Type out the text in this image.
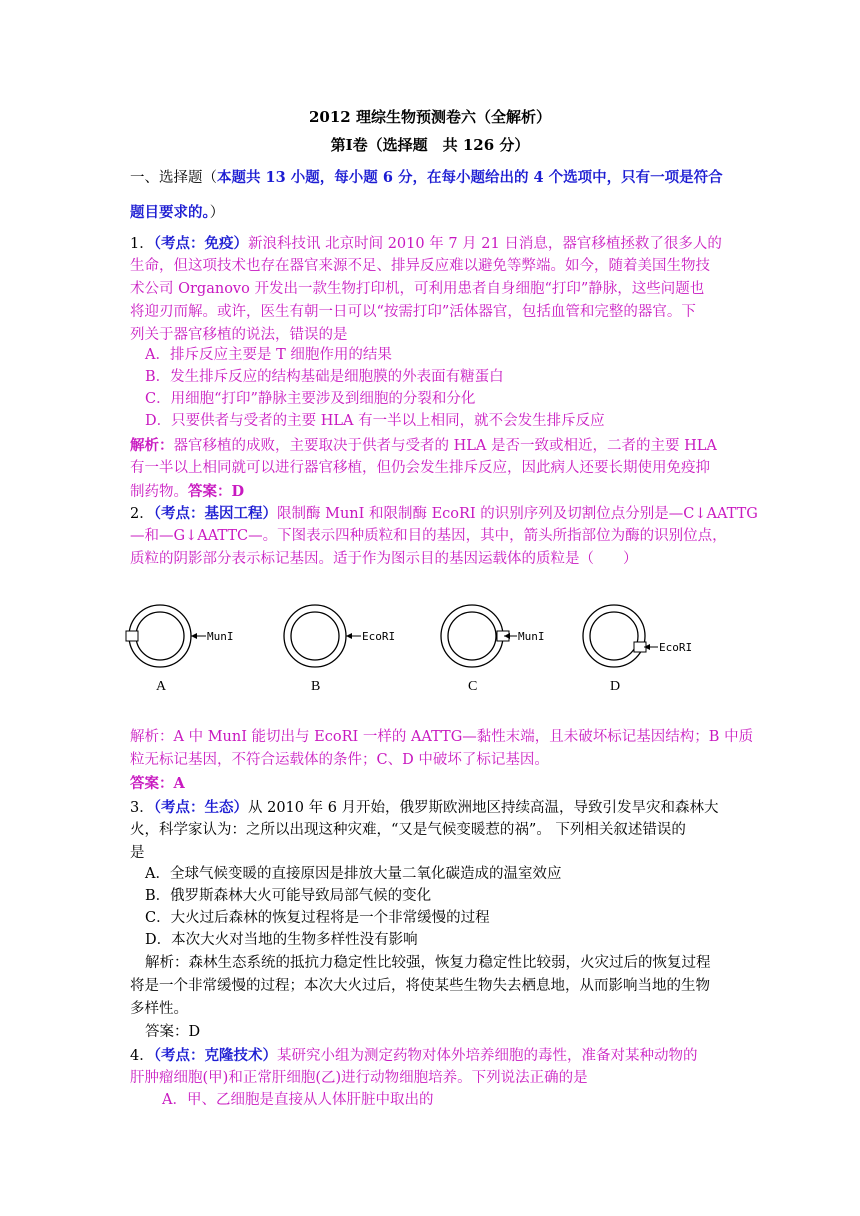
2012 理综生物预测卷六（全解析）
第Ⅰ卷（选择题　共 126 分）
一、选择题（本题共 13 小题，每小题 6 分，在每小题给出的 4 个选项中，只有一项是符合
题目要求的。）
1．（考点：免疫）新浪科技讯 北京时间 2010 年 7 月 21 日消息，器官移植拯救了很多人的
生命，但这项技术也存在器官来源不足、排异反应难以避免等弊端。如今，随着美国生物技
术公司 Organovo 开发出一款生物打印机，可利用患者自身细胞“打印”静脉，这些问题也
将迎刃而解。或许，医生有朝一日可以“按需打印”活体器官，包括血管和完整的器官。下
列关于器官移植的说法，错误的是
A．排斥反应主要是 T 细胞作用的结果
B．发生排斥反应的结构基础是细胞膜的外表面有糖蛋白
C．用细胞“打印”静脉主要涉及到细胞的分裂和分化
D．只要供者与受者的主要 HLA 有一半以上相同，就不会发生排斥反应
解析：器官移植的成败，主要取决于供者与受者的 HLA 是否一致或相近，二者的主要 HLA
有一半以上相同就可以进行器官移植，但仍会发生排斥反应，因此病人还要长期使用免疫抑
制药物。答案：D
2．（考点：基因工程）限制酶 MunI 和限制酶 EcoRI 的识别序列及切割位点分别是—C↓AATTG
—和—G↓AATTC—。下图表示四种质粒和目的基因，其中，箭头所指部位为酶的识别位点，
质粒的阴影部分表示标记基因。适于作为图示目的基因运载体的质粒是（　　）
MunI
A
EcoRI
B
MunI
C
EcoRI
D
解析：A 中 MunI 能切出与 EcoRI 一样的 AATTG—黏性末端，且未破坏标记基因结构；B 中质
粒无标记基因，不符合运载体的条件；C、D 中破坏了标记基因。
答案：A
3．（考点：生态）从 2010 年 6 月开始，俄罗斯欧洲地区持续高温，导致引发旱灾和森林大
火，科学家认为：之所以出现这种灾难，“又是气候变暖惹的祸”。 下列相关叙述错误的
是
A．全球气候变暖的直接原因是排放大量二氧化碳造成的温室效应
B．俄罗斯森林大火可能导致局部气候的变化
C．大火过后森林的恢复过程将是一个非常缓慢的过程
D．本次大火对当地的生物多样性没有影响
解析：森林生态系统的抵抗力稳定性比较强，恢复力稳定性比较弱，火灾过后的恢复过程
将是一个非常缓慢的过程；本次大火过后，将使某些生物失去栖息地，从而影响当地的生物
多样性。
答案：D
4．（考点：克隆技术）某研究小组为测定药物对体外培养细胞的毒性，准备对某种动物的
肝肿瘤细胞(甲)和正常肝细胞(乙)进行动物细胞培养。下列说法正确的是
A．甲、乙细胞是直接从人体肝脏中取出的
